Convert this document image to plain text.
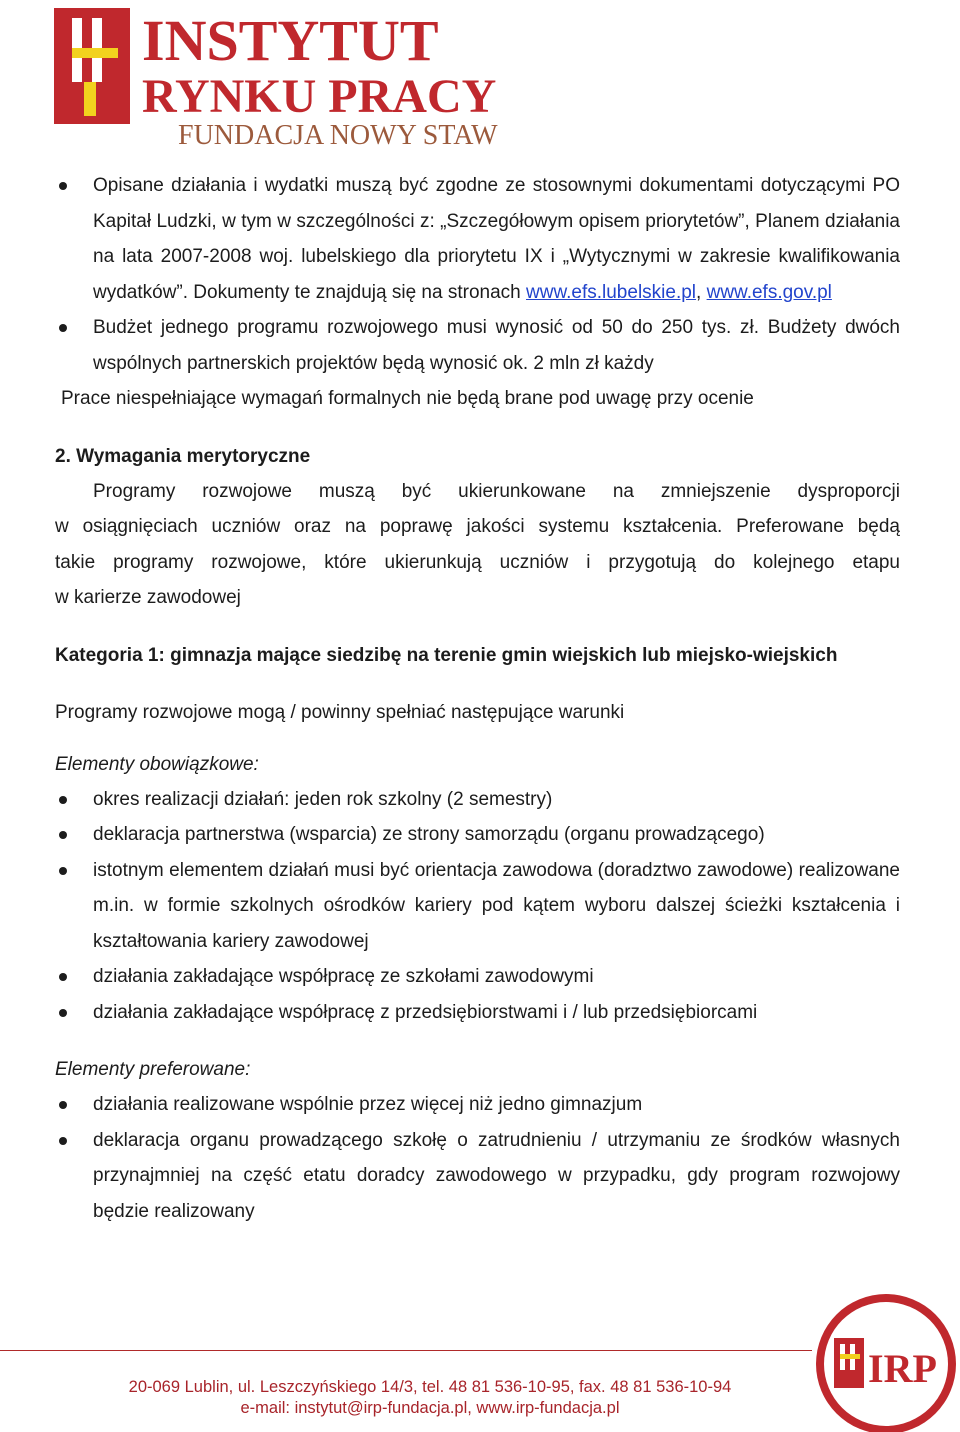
INSTYTUT
RYNKU PRACY
FUNDACJA NOWY STAW
Opisane działania i wydatki muszą być zgodne ze stosownymi dokumentami dotyczącymi PO Kapitał Ludzki, w tym w szczególności z: „Szczegółowym opisem priorytetów”, Planem działania na lata 2007-2008 woj. lubelskiego dla priorytetu IX i „Wytycznymi w zakresie kwalifikowania wydatków”. Dokumenty te znajdują się na stronach www.efs.lubelskie.pl, www.efs.gov.pl
Budżet jednego programu rozwojowego musi wynosić od 50 do 250 tys. zł. Budżety dwóch wspólnych partnerskich projektów będą wynosić ok. 2 mln zł każdy

Prace niespełniające wymagań formalnych nie będą brane pod uwagę przy ocenie

2. Wymagania merytoryczne

Programy rozwojowe muszą być ukierunkowane na zmniejszenie dysproporcji

w osiągnięciach uczniów oraz na poprawę jakości systemu kształcenia. Preferowane będą

takie programy rozwojowe, które ukierunkują uczniów i przygotują do kolejnego etapu

w karierze zawodowej

Kategoria 1: gimnazja mające siedzibę na terenie gmin wiejskich lub miejsko-wiejskich

Programy rozwojowe mogą / powinny spełniać następujące warunki

Elementy obowiązkowe:

okres realizacji działań: jeden rok szkolny (2 semestry)
deklaracja partnerstwa (wsparcia) ze strony samorządu (organu prowadzącego)
istotnym elementem działań musi być orientacja zawodowa (doradztwo zawodowe) realizowane m.in. w formie szkolnych ośrodków kariery pod kątem wyboru dalszej ścieżki kształcenia i kształtowania kariery zawodowej
działania zakładające współpracę ze szkołami zawodowymi
działania zakładające współpracę z przedsiębiorstwami i / lub przedsiębiorcami

Elementy preferowane:

działania realizowane wspólnie przez więcej niż jedno gimnazjum
deklaracja organu prowadzącego szkołę o zatrudnieniu / utrzymaniu ze środków własnych przynajmniej na część etatu doradcy zawodowego w przypadku, gdy program rozwojowy będzie realizowany
20-069 Lublin, ul. Leszczyńskiego 14/3, tel. 48 81 536-10-95, fax. 48 81 536-10-94
e-mail: instytut@irp-fundacja.pl, www.irp-fundacja.pl
IRP
